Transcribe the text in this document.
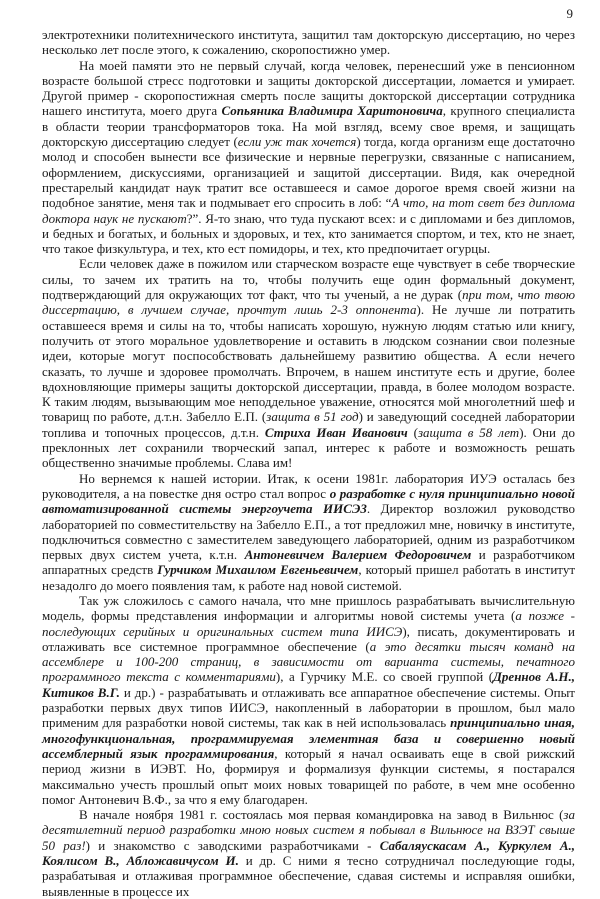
9

электротехники политехнического института, защитил там докторскую диссертацию, но через несколько лет после этого, к сожалению, скоропостижно умер.

На моей памяти это не первый случай, когда человек, перенесший уже в пенсионном возрасте большой стресс подготовки и защиты докторской диссертации, ломается и умирает. Другой пример - скоропостижная смерть после защиты докторской диссертации сотрудника нашего института, моего друга Сопьяника Владимира Харитоновича, крупного специалиста в области теории трансформаторов тока. На мой взгляд, всему свое время, и защищать докторскую диссертацию следует (если уж так хочется) тогда, когда организм еще достаточно молод и способен вынести все физические и нервные перегрузки, связанные с написанием, оформлением, дискуссиями, организацией и защитой диссертации. Видя, как очередной престарелый кандидат наук тратит все оставшееся и самое дорогое время своей жизни на подобное занятие, меня так и подмывает его спросить в лоб: “А что, на тот свет без диплома доктора наук не пускают?”. Я-то знаю, что туда пускают всех: и с дипломами и без дипломов, и бедных и богатых, и больных и здоровых, и тех, кто занимается спортом, и тех, кто не знает, что такое физкультура, и тех, кто ест помидоры, и тех, кто предпочитает огурцы.

Если человек даже в пожилом или старческом возрасте еще чувствует в себе творческие силы, то зачем их тратить на то, чтобы получить еще один формальный документ, подтверждающий для окружающих тот факт, что ты ученый, а не дурак (при том, что твою диссертацию, в лучшем случае, прочтут лишь 2-3 оппонента). Не лучше ли потратить оставшееся время и силы на то, чтобы написать хорошую, нужную людям статью или книгу, получить от этого моральное удовлетворение и оставить в людском сознании свои полезные идеи, которые могут поспособствовать дальнейшему развитию общества. А если нечего сказать, то лучше и здоровее промолчать. Впрочем, в нашем институте есть и другие, более вдохновляющие примеры защиты докторской диссертации, правда, в более молодом возрасте. К таким людям, вызывающим мое неподдельное уважение, относятся мой многолетний шеф и товарищ по работе, д.т.н. Забелло Е.П. (защита в 51 год) и заведующий соседней лаборатории топлива и топочных процессов, д.т.н. Стриха Иван Иванович (защита в 58 лет). Они до преклонных лет сохранили творческий запал, интерес к работе и возможность решать общественно значимые проблемы. Слава им!

Но вернемся к нашей истории. Итак, к осени 1981г. лаборатория ИУЭ осталась без руководителя, а на повестке дня остро стал вопрос о разработке с нуля принципиально новой автоматизированной системы энергоучета ИИСЭ3. Директор возложил руководство лабораторией по совместительству на Забелло Е.П., а тот предложил мне, новичку в институте, подключиться совместно с заместителем заведующего лабораторией, одним из разработчиком первых двух систем учета, к.т.н. Антоневичем Валерием Федоровичем и разработчиком аппаратных средств Гурчиком Михаилом Евгеньевичем, который пришел работать в институт незадолго до моего появления там, к работе над новой системой.

Так уж сложилось с самого начала, что мне пришлось разрабатывать вычислительную модель, формы представления информации и алгоритмы новой системы учета (а позже - последующих серийных и оригинальных систем типа ИИСЭ), писать, документировать и отлаживать все системное программное обеспечение (а это десятки тысяч команд на ассемблере и 100-200 страниц, в зависимости от варианта системы, печатного программного текста с комментариями), а Гурчику М.Е. со своей группой (Дреннов А.Н., Китиков В.Г. и др.) - разрабатывать и отлаживать все аппаратное обеспечение системы. Опыт разработки первых двух типов ИИСЭ, накопленный в лаборатории в прошлом, был мало применим для разработки новой системы, так как в ней использовалась принципиально иная, многофункциональная, программируемая элементная база и совершенно новый ассемблерный язык программирования, который я начал осваивать еще в свой рижский период жизни в ИЭВТ. Но, формируя и формализуя функции системы, я постарался максимально учесть прошлый опыт моих новых товарищей по работе, в чем мне особенно помог Антоневич В.Ф., за что я ему благодарен.

В начале ноября 1981 г. состоялась моя первая командировка на завод в Вильнюс (за десятилетний период разработки мною новых систем я побывал в Вильнюсе на ВЗЭТ свыше 50 раз!) и знакомство с заводскими разработчиками - Сабаляускасам А., Куркулем А., Коялисом В., Абложавичусом И. и др. С ними я тесно сотрудничал последующие годы, разрабатывая и отлаживая программное обеспечение, сдавая системы и исправляя ошибки, выявленные в процессе их
